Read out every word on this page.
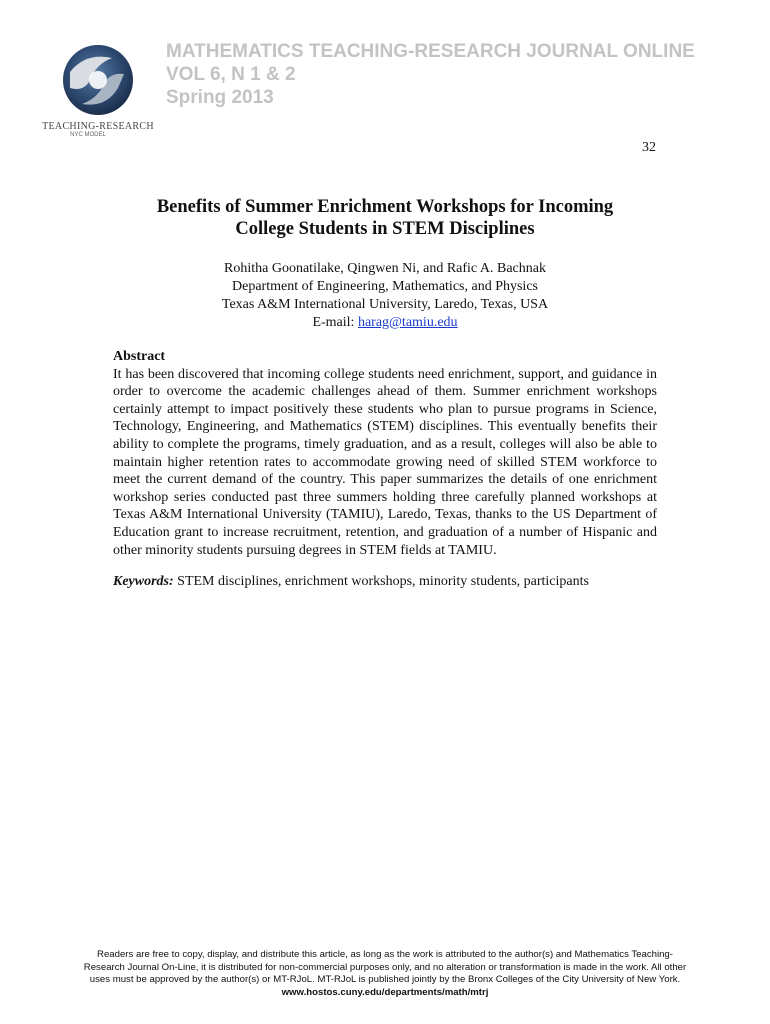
TEACHING-RESEARCH
NYC MODEL
MATHEMATICS TEACHING-RESEARCH JOURNAL ONLINE
VOL 6, N 1 & 2
Spring 2013
32
Benefits of Summer Enrichment Workshops for Incoming
College Students in STEM Disciplines
Rohitha Goonatilake, Qingwen Ni, and Rafic A. Bachnak
Department of Engineering, Mathematics, and Physics
Texas A&M International University, Laredo, Texas, USA
E-mail: harag@tamiu.edu
Abstract

It has been discovered that incoming college students need enrichment, support, and guidance in order to overcome the academic challenges ahead of them. Summer enrichment workshops certainly attempt to impact positively these students who plan to pursue programs in Science, Technology, Engineering, and Mathematics (STEM) disciplines. This eventually benefits their ability to complete the programs, timely graduation, and as a result, colleges will also be able to maintain higher retention rates to accommodate growing need of skilled STEM workforce to meet the current demand of the country. This paper summarizes the details of one enrichment workshop series conducted past three summers holding three carefully planned workshops at Texas A&M International University (TAMIU), Laredo, Texas, thanks to the US Department of Education grant to increase recruitment, retention, and graduation of a number of Hispanic and other minority students pursuing degrees in STEM fields at TAMIU.

Keywords: STEM disciplines, enrichment workshops, minority students, participants
Readers are free to copy, display, and distribute this article, as long as the work is attributed to the author(s) and Mathematics Teaching-
Research Journal On-Line, it is distributed for non-commercial purposes only, and no alteration or transformation is made in the work. All other
uses must be approved by the author(s) or MT-RJoL. MT-RJoL is published jointly by the Bronx Colleges of the City University of New York.
www.hostos.cuny.edu/departments/math/mtrj
